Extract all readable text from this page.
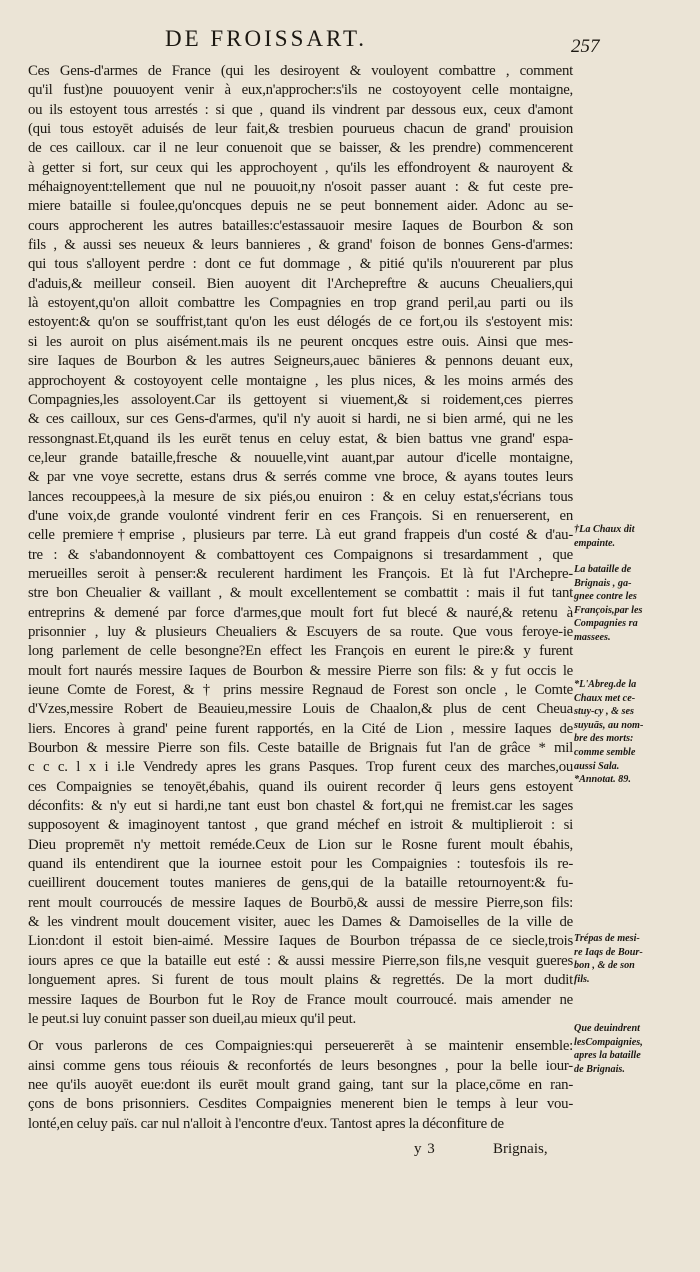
DE FROISSART.	257
Ces Gens-d'armes de France (qui les desiroyent & vouloyent combattre , comment
qu'il fust)ne pouuoyent venir à eux,n'approcher:s'ils ne costoyoyent celle montaigne,
ou ils estoyent tous arrestés : si que , quand ils vindrent par dessous eux, ceux d'amont
(qui tous estoyēt aduisés de leur fait,& tresbien pourueus chacun de grand' prouision
de ces cailloux. car il ne leur conuenoit que se baisser, & les prendre) commencerent
à getter si fort, sur ceux qui les approchoyent , qu'ils les effondroyent & nauroyent &
méhaignoyent:tellement que nul ne pouuoit,ny n'osoit passer auant : & fut ceste pre-
miere bataille si foulee,qu'oncques depuis ne se peut bonnement aider. Adonc au se-
cours approcherent les autres batailles:c'estassauoir mesire Iaques de Bourbon & son
fils , & aussi ses neueux & leurs bannieres , & grand' foison de bonnes Gens-d'armes:
qui tous s'alloyent perdre : dont ce fut dommage , & pitié qu'ils n'ouurerent par plus
d'aduis,& meilleur conseil. Bien auoyent dit l'Archepreftre & aucuns Cheualiers,qui
là estoyent,qu'on alloit combattre les Compagnies en trop grand peril,au parti ou ils
estoyent:& qu'on se souffrist,tant qu'on les eust délogés de ce fort,ou ils s'estoyent mis:
si les auroit on plus aisément.mais ils ne peurent oncques estre ouis. Ainsi que mes-
sire Iaques de Bourbon & les autres Seigneurs,auec bānieres & pennons deuant eux,
approchoyent & costoyoyent celle montaigne , les plus nices, & les moins armés des
Compagnies,les assoloyent.Car ils gettoyent si viuement,& si roidement,ces pierres
& ces cailloux, sur ces Gens-d'armes, qu'il n'y auoit si hardi, ne si bien armé, qui ne les
ressongnast.Et,quand ils les eurēt tenus en celuy estat, & bien battus vne grand' espa-
ce,leur grande bataille,fresche & nouuelle,vint auant,par autour d'icelle montaigne,
& par vne voye secrette, estans drus & serrés comme vne broce, & ayans toutes leurs
lances recouppees,à la mesure de six piés,ou enuiron : & en celuy estat,s'écrians tous
d'une voix,de grande voulonté vindrent ferir en ces François. Si en renuerserent, en
celle premiere†emprise , plusieurs par terre. Là eut grand frappeis d'un costé & d'au-
tre : & s'abandonnoyent & combattoyent ces Compaignons si tresardamment , que
merueilles seroit à penser:& reculerent hardiment les François. Et là fut l'Archepre-
stre bon Cheualier & vaillant , & moult excellentement se combattit : mais il fut tant
entreprins & demené par force d'armes,que moult fort fut blecé & nauré,& retenu à
prisonnier , luy & plusieurs Cheualiers & Escuyers de sa route. Que vous feroye-ie
long parlement de celle besongne?En effect les François en eurent le pire:& y furent
moult fort naurés messire Iaques de Bourbon & messire Pierre son fils: & y fut occis le
ieune Comte de Forest, & † prins messire Regnaud de Forest son oncle , le Comte
d'Vzes,messire Robert de Beauieu,messire Louis de Chaalon,& plus de cent Cheua
liers. Encores à grand' peine furent rapportés, en la Cité de Lion , messire Iaques de
Bourbon & messire Pierre son fils. Ceste bataille de Brignais fut l'an de grâce * mil
c c c. l x i i.le Vendredy apres les grans Pasques. Trop furent ceux des marches,ou
ces Compaignies se tenoyēt,ébahis, quand ils ouirent recorder q̄ leurs gens estoyent
déconfits: & n'y eut si hardi,ne tant eust bon chastel & fort,qui ne fremist.car les sages
supposoyent & imaginoyent tantost , que grand méchef en istroit & multiplieroit : si
Dieu propremēt n'y mettoit reméde.Ceux de Lion sur le Rosne furent moult ébahis,
quand ils entendirent que la iournee estoit pour les Compaignies : toutesfois ils re-
cueillirent doucement toutes manieres de gens,qui de la bataille retournoyent:& fu-
rent moult courroucés de messire Iaques de Bourbō,& aussi de messire Pierre,son fils:
& les vindrent moult doucement visiter, auec les Dames & Damoiselles de la ville de
Lion:dont il estoit bien-aimé. Messire Iaques de Bourbon trépassa de ce siecle,trois
iours apres ce que la bataille eut esté : & aussi messire Pierre,son fils,ne vesquit gueres
longuement apres. Si furent de tous moult plains & regrettés. De la mort dudit
messire Iaques de Bourbon fut le Roy de France moult courroucé. mais amender ne
le peut.si luy conuint passer son dueil,au mieux qu'il peut.
Or vous parlerons de ces Compaignies:qui perseuererēt à se maintenir ensemble:
ainsi comme gens tous réiouis & reconfortés de leurs besongnes , pour la belle iour-
nee qu'ils auoyēt eue:dont ils eurēt moult grand gaing, tant sur la place,cōme en ran-
çons de bons prisonniers. Cesdites Compaignies menerent bien le temps à leur vou-
lonté,en celuy païs. car nul n'alloit à l'encontre d'eux. Tantost apres la déconfiture de
†La Chaux dit
empainte.
La bataille de
Brignais , ga-
gnee contre les
François,par les
Compagnies ra
massees.
*L'Abreg.de la
Chaux met ce-
stuy-cy , & ses
suyuās, au nom-
bre des morts:
comme semble
aussi Sala.
*Annotat. 89.
Trépas de mesi-
re Iaqs de Bour-
bon , & de son
fils.
Que deuindrent
lesCompaignies,
apres la bataille
de Brignais.
y 3	Brignais,
